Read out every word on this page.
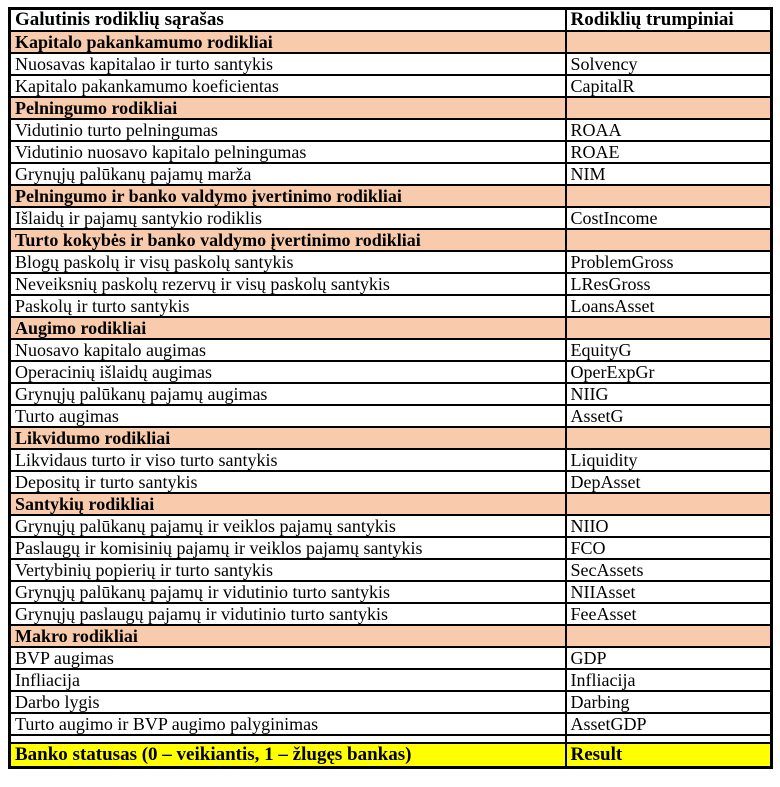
Galutinis rodiklių sąrašas	Rodiklių trumpiniai
Kapitalo pakankamumo rodikliai	
Nuosavas kapitalao ir turto santykis	Solvency
Kapitalo pakankamumo koeficientas	CapitalR
Pelningumo rodikliai	
Vidutinio turto pelningumas	ROAA
Vidutinio nuosavo kapitalo pelningumas	ROAE
Grynųjų palūkanų pajamų marža	NIM
Pelningumo ir banko valdymo įvertinimo rodikliai	
Išlaidų ir pajamų santykio rodiklis	CostIncome
Turto kokybės ir banko valdymo įvertinimo rodikliai	
Blogų paskolų ir visų paskolų santykis	ProblemGross
Neveiksnių paskolų rezervų ir visų paskolų santykis	LResGross
Paskolų ir turto santykis	LoansAsset
Augimo rodikliai	
Nuosavo kapitalo augimas	EquityG
Operacinių išlaidų augimas	OperExpGr
Grynųjų palūkanų pajamų augimas	NIIG
Turto augimas	AssetG
Likvidumo rodikliai	
Likvidaus turto ir viso turto santykis	Liquidity
Depositų ir turto santykis	DepAsset
Santykių rodikliai	
Grynųjų palūkanų pajamų ir veiklos pajamų santykis	NIIO
Paslaugų ir komisinių pajamų ir veiklos pajamų santykis	FCO
Vertybinių popierių ir turto santykis	SecAssets
Grynųjų palūkanų pajamų ir vidutinio turto santykis	NIIAsset
Grynųjų paslaugų pajamų ir vidutinio turto santykis	FeeAsset
Makro rodikliai	
BVP augimas	GDP
Infliacija	Infliacija
Darbo lygis	Darbing
Turto augimo ir BVP augimo palyginimas	AssetGDP

Banko statusas (0 – veikiantis, 1 – žlugęs bankas)	Result
